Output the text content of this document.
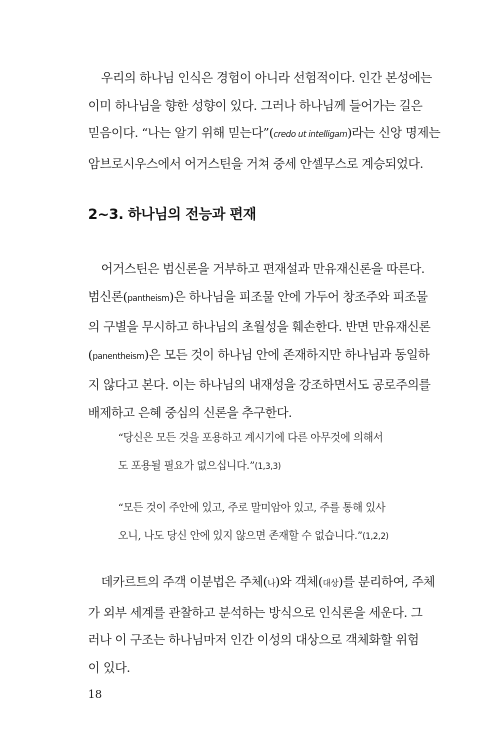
우리의 하나님 인식은 경험이 아니라 선험적이다. 인간 본성에는
이미 하나님을 향한 성향이 있다. 그러나 하나님께 들어가는 길은
믿음이다. “나는 알기 위해 믿는다”(credo ut intelligam)라는 신앙 명제는
암브로시우스에서 어거스틴을 거쳐 중세 안셀무스로 계승되었다.

2~3. 하나님의 전능과 편재

어거스틴은 범신론을 거부하고 편재설과 만유재신론을 따른다.
범신론(pantheism)은 하나님을 피조물 안에 가두어 창조주와 피조물
의 구별을 무시하고 하나님의 초월성을 훼손한다. 반면 만유재신론
(panentheism)은 모든 것이 하나님 안에 존재하지만 하나님과 동일하
지 않다고 본다. 이는 하나님의 내재성을 강조하면서도 공로주의를
배제하고 은혜 중심의 신론을 추구한다.

“당신은 모든 것을 포용하고 계시기에 다른 아무것에 의해서
도 포용될 필요가 없으십니다.”(1,3,3)
“모든 것이 주안에 있고, 주로 말미암아 있고, 주를 통해 있사
오니, 나도 당신 안에 있지 않으면 존재할 수 없습니다.”(1,2,2)

데카르트의 주객 이분법은 주체(나)와 객체(대상)를 분리하여, 주체
가 외부 세계를 관찰하고 분석하는 방식으로 인식론을 세운다. 그
러나 이 구조는 하나님마저 인간 이성의 대상으로 객체화할 위험
이 있다.

18
